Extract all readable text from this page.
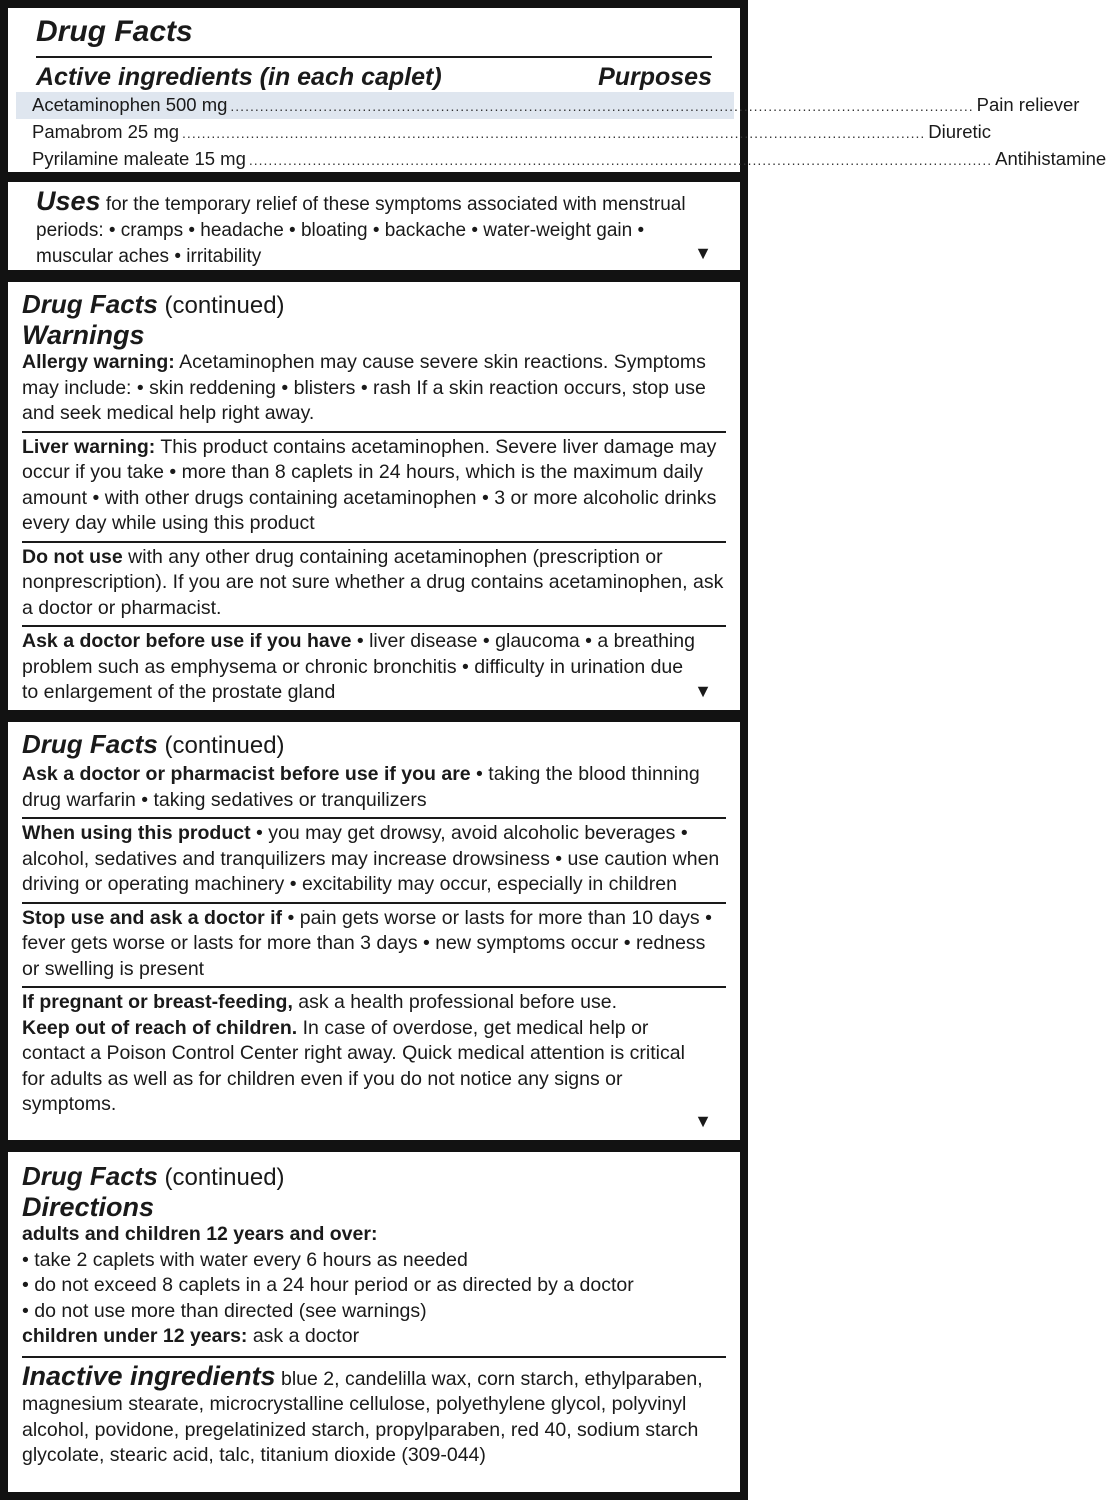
Drug Facts
Active ingredients (in each caplet)	Purposes
Acetaminophen 500 mg ........................................................................................................................................................ Pain reliever
Pamabrom 25 mg ........................................................................................................................................................ Diuretic
Pyrilamine maleate 15 mg ........................................................................................................................................................ Antihistamine
Uses for the temporary relief of these symptoms associated with menstrual periods: • cramps • headache • bloating • backache • water-weight gain • muscular aches • irritability	▼
Drug Facts (continued)
Warnings
Allergy warning: Acetaminophen may cause severe skin reactions. Symptoms may include: • skin reddening • blisters • rash If a skin reaction occurs, stop use and seek medical help right away.
Liver warning: This product contains acetaminophen. Severe liver damage may occur if you take • more than 8 caplets in 24 hours, which is the maximum daily amount • with other drugs containing acetaminophen • 3 or more alcoholic drinks every day while using this product
Do not use with any other drug containing acetaminophen (prescription or nonprescription). If you are not sure whether a drug contains acetaminophen, ask a doctor or pharmacist.
Ask a doctor before use if you have • liver disease • glaucoma • a breathing problem such as emphysema or chronic bronchitis • difficulty in urination due to enlargement of the prostate gland	▼
Drug Facts (continued)
Ask a doctor or pharmacist before use if you are • taking the blood thinning drug warfarin • taking sedatives or tranquilizers
When using this product • you may get drowsy, avoid alcoholic beverages • alcohol, sedatives and tranquilizers may increase drowsiness • use caution when driving or operating machinery • excitability may occur, especially in children
Stop use and ask a doctor if • pain gets worse or lasts for more than 10 days • fever gets worse or lasts for more than 3 days • new symptoms occur • redness or swelling is present
If pregnant or breast-feeding, ask a health professional before use.
Keep out of reach of children. In case of overdose, get medical help or contact a Poison Control Center right away. Quick medical attention is critical for adults as well as for children even if you do not notice any signs or symptoms.
▼
Drug Facts (continued)
Directions
adults and children 12 years and over:
• take 2 caplets with water every 6 hours as needed
• do not exceed 8 caplets in a 24 hour period or as directed by a doctor
• do not use more than directed (see warnings)
children under 12 years: ask a doctor
Inactive ingredients blue 2, candelilla wax, corn starch, ethylparaben, magnesium stearate, microcrystalline cellulose, polyethylene glycol, polyvinyl alcohol, povidone, pregelatinized starch, propylparaben, red 40, sodium starch glycolate, stearic acid, talc, titanium dioxide (309-044)
